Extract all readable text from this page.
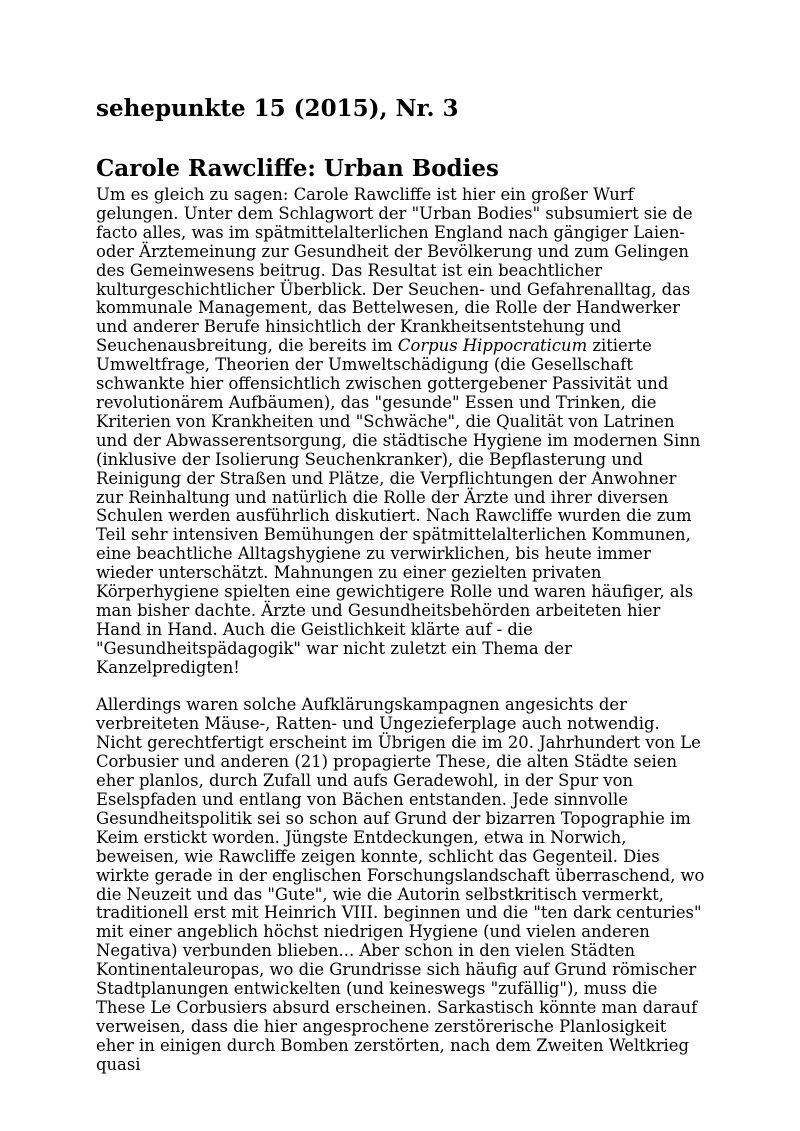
sehepunkte 15 (2015), Nr. 3
Carole Rawcliffe: Urban Bodies

Um es gleich zu sagen: Carole Rawcliffe ist hier ein großer Wurf gelungen. Unter dem Schlagwort der "Urban Bodies" subsumiert sie de facto alles, was im spätmittelalterlichen England nach gängiger Laien- oder Ärztemeinung zur Gesundheit der Bevölkerung und zum Gelingen des Gemeinwesens beitrug. Das Resultat ist ein beachtlicher kulturgeschichtlicher Überblick. Der Seuchen- und Gefahrenalltag, das kommunale Management, das Bettelwesen, die Rolle der Handwerker und anderer Berufe hinsichtlich der Krankheitsentstehung und Seuchenausbreitung, die bereits im Corpus Hippocraticum zitierte Umweltfrage, Theorien der Umweltschädigung (die Gesellschaft schwankte hier offensichtlich zwischen gottergebener Passivität und revolutionärem Aufbäumen), das "gesunde" Essen und Trinken, die Kriterien von Krankheiten und "Schwäche", die Qualität von Latrinen und der Abwasserentsorgung, die städtische Hygiene im modernen Sinn (inklusive der Isolierung Seuchenkranker), die Bepflasterung und Reinigung der Straßen und Plätze, die Verpflichtungen der Anwohner zur Reinhaltung und natürlich die Rolle der Ärzte und ihrer diversen Schulen werden ausführlich diskutiert. Nach Rawcliffe wurden die zum Teil sehr intensiven Bemühungen der spätmittelalterlichen Kommunen, eine beachtliche Alltagshygiene zu verwirklichen, bis heute immer wieder unterschätzt. Mahnungen zu einer gezielten privaten Körperhygiene spielten eine gewichtigere Rolle und waren häufiger, als man bisher dachte. Ärzte und Gesundheitsbehörden arbeiteten hier Hand in Hand. Auch die Geistlichkeit klärte auf - die "Gesundheitspädagogik" war nicht zuletzt ein Thema der Kanzelpredigten!

Allerdings waren solche Aufklärungskampagnen angesichts der verbreiteten Mäuse-, Ratten- und Ungezieferplage auch notwendig. Nicht gerechtfertigt erscheint im Übrigen die im 20. Jahrhundert von Le Corbusier und anderen (21) propagierte These, die alten Städte seien eher planlos, durch Zufall und aufs Geradewohl, in der Spur von Eselspfaden und entlang von Bächen entstanden. Jede sinnvolle Gesundheitspolitik sei so schon auf Grund der bizarren Topographie im Keim erstickt worden. Jüngste Entdeckungen, etwa in Norwich, beweisen, wie Rawcliffe zeigen konnte, schlicht das Gegenteil. Dies wirkte gerade in der englischen Forschungslandschaft überraschend, wo die Neuzeit und das "Gute", wie die Autorin selbstkritisch vermerkt, traditionell erst mit Heinrich VIII. beginnen und die "ten dark centuries" mit einer angeblich höchst niedrigen Hygiene (und vielen anderen Negativa) verbunden blieben... Aber schon in den vielen Städten Kontinentaleuropas, wo die Grundrisse sich häufig auf Grund römischer Stadtplanungen entwickelten (und keineswegs "zufällig"), muss die These Le Corbusiers absurd erscheinen. Sarkastisch könnte man darauf verweisen, dass die hier angesprochene zerstörerische Planlosigkeit eher in einigen durch Bomben zerstörten, nach dem Zweiten Weltkrieg quasi
